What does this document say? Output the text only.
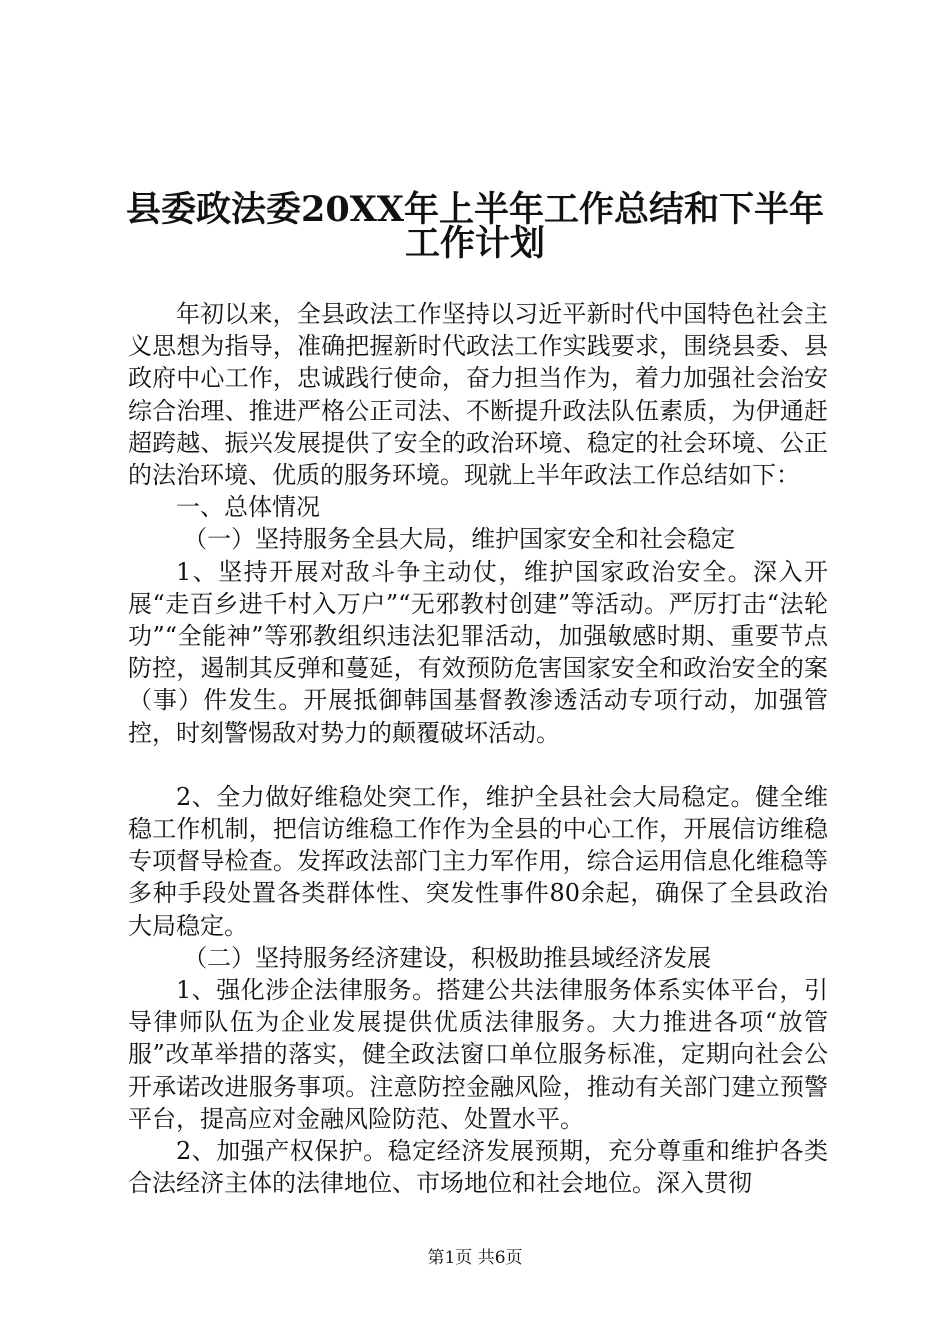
县委政法委20XX年上半年工作总结和下半年
工作计划

年初以来，全县政法工作坚持以习近平新时代中国特色社会主义思想为指导，准确把握新时代政法工作实践要求，围绕县委、县政府中心工作，忠诚践行使命，奋力担当作为，着力加强社会治安综合治理、推进严格公正司法、不断提升政法队伍素质，为伊通赶超跨越、振兴发展提供了安全的政治环境、稳定的社会环境、公正的法治环境、优质的服务环境。现就上半年政法工作总结如下：

一、总体情况

（一）坚持服务全县大局，维护国家安全和社会稳定

1、坚持开展对敌斗争主动仗，维护国家政治安全。深入开展“走百乡进千村入万户”“无邪教村创建”等活动。严厉打击“法轮功”“全能神”等邪教组织违法犯罪活动，加强敏感时期、重要节点防控，遏制其反弹和蔓延，有效预防危害国家安全和政治安全的案（事）件发生。开展抵御韩国基督教渗透活动专项行动，加强管控，时刻警惕敌对势力的颠覆破坏活动。

2、全力做好维稳处突工作，维护全县社会大局稳定。健全维稳工作机制，把信访维稳工作作为全县的中心工作，开展信访维稳专项督导检查。发挥政法部门主力军作用，综合运用信息化维稳等多种手段处置各类群体性、突发性事件80余起，确保了全县政治大局稳定。

（二）坚持服务经济建设，积极助推县域经济发展

1、强化涉企法律服务。搭建公共法律服务体系实体平台，引导律师队伍为企业发展提供优质法律服务。大力推进各项“放管服”改革举措的落实，健全政法窗口单位服务标准，定期向社会公开承诺改进服务事项。注意防控金融风险，推动有关部门建立预警平台，提高应对金融风险防范、处置水平。

2、加强产权保护。稳定经济发展预期，充分尊重和维护各类合法经济主体的法律地位、市场地位和社会地位。深入贯彻

第1页 共6页
